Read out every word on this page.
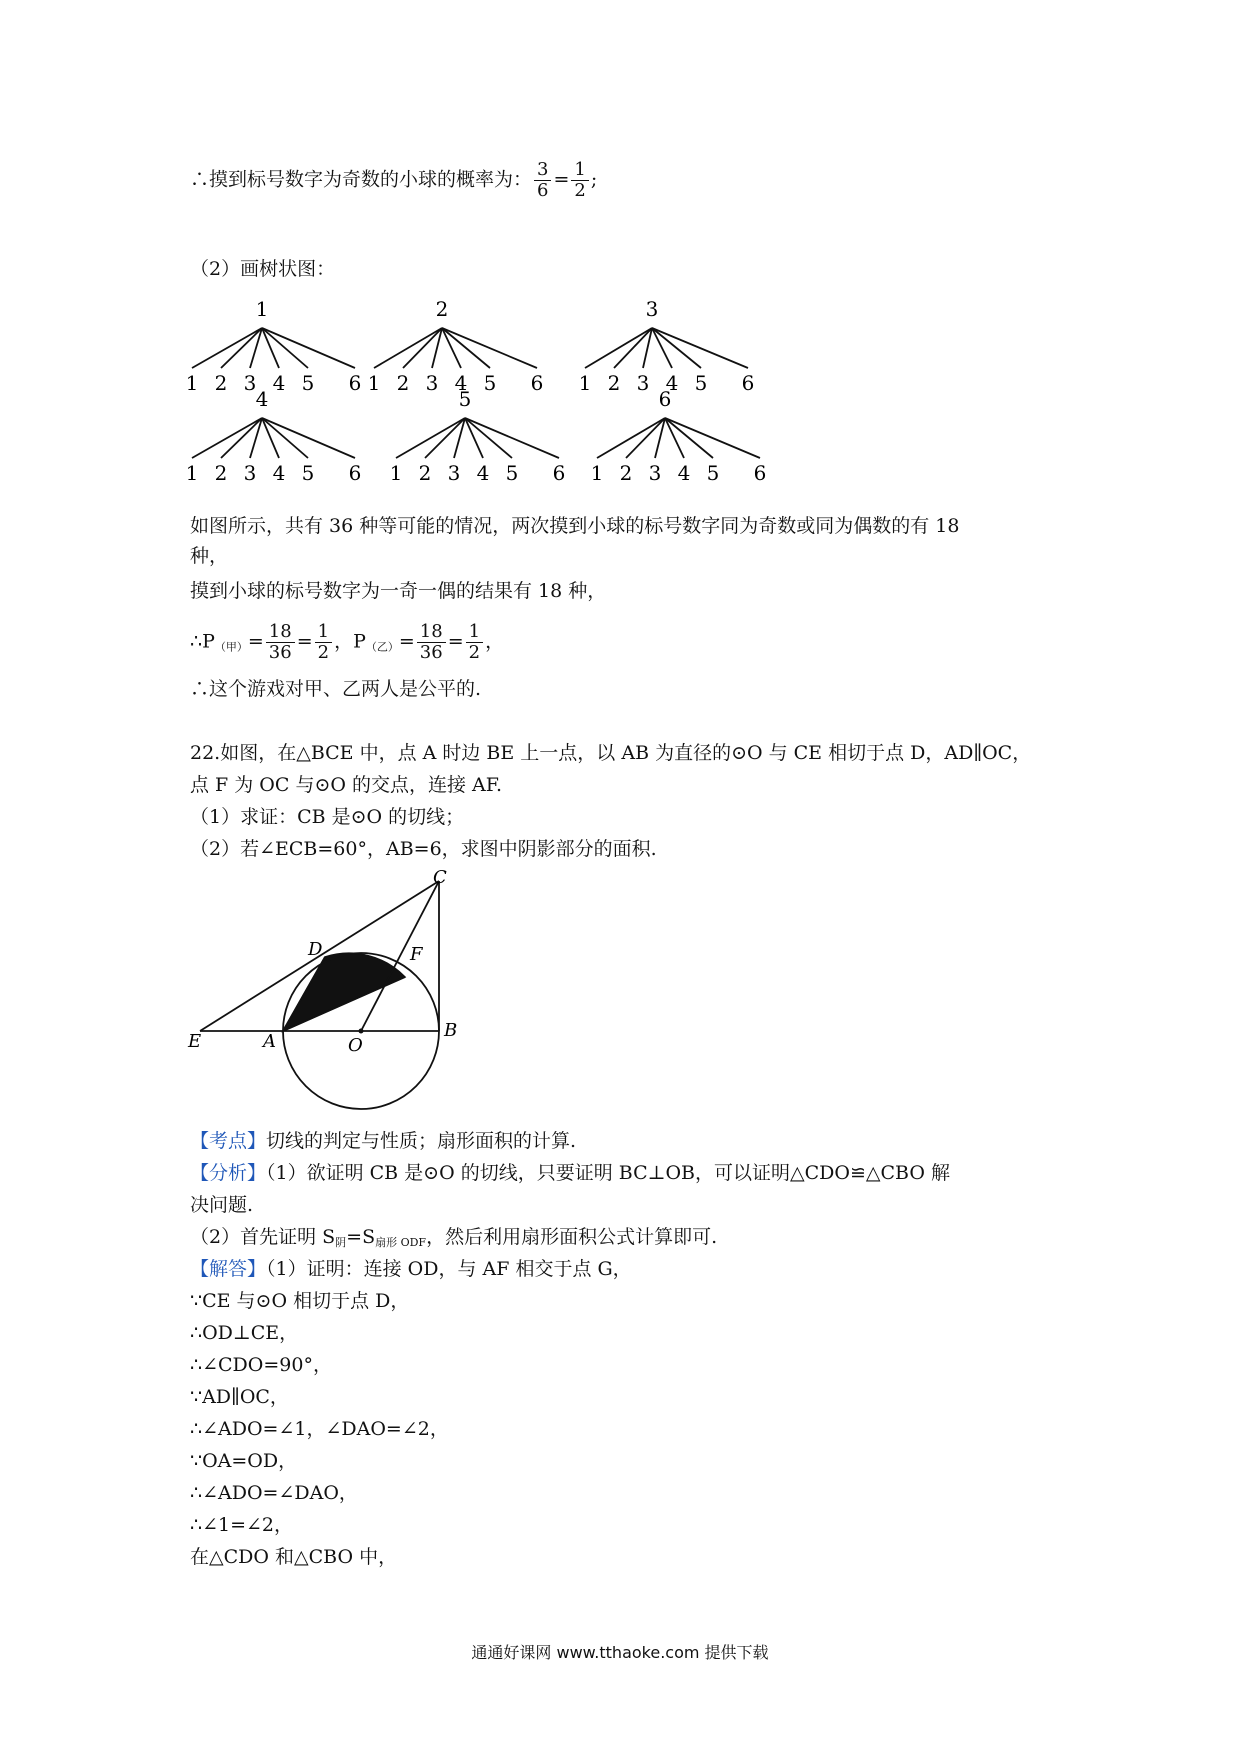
∴摸到标号数字为奇数的小球的概率为： $\frac{3}{6} = \frac{1}{2}$ ;
（2）画树状图：
1
1 2 3 4 5 6
2
1 2 3 4 5 6
3
1 2 3 4 5 6
4
1 2 3 4 5 6
5
1 2 3 4 5 6
6
1 2 3 4 5 6
如图所示，共有 36 种等可能的情况，两次摸到小球的标号数字同为奇数或同为偶数的有 18
种，
摸到小球的标号数字为一奇一偶的结果有 18 种，
$\therefore P_{(甲)}= \frac{18}{36} = \frac{1}{2}$ ，$P_{(乙)}= \frac{18}{36} = \frac{1}{2}$ ，
∴这个游戏对甲、乙两人是公平的.
22.如图，在△BCE 中，点 A 时边 BE 上一点，以 AB 为直径的⊙O 与 CE 相切于点 D，AD∥OC，
点 F 为 OC 与⊙O 的交点，连接 AF.
（1）求证：CB 是⊙O 的切线；
（2）若∠ECB=60°，AB=6，求图中阴影部分的面积.
C
D	F
E	A	O
B
【考点】切线的判定与性质；扇形面积的计算.
【分析】（1）欲证明 CB 是⊙O 的切线，只要证明 BC⊥OB，可以证明△CDO≌△CBO 解
决问题.
（2）首先证明 $S_阴=S_{扇形 ODF}$，然后利用扇形面积公式计算即可.
【解答】（1）证明：连接 OD，与 AF 相交于点 G，
∵CE 与⊙O 相切于点 D，
∴OD⊥CE，
∴∠CDO=90°，
∵AD∥OC，
∴∠ADO=∠1，∠DAO=∠2，
∵OA=OD，
∴∠ADO=∠DAO，
∴∠1=∠2，
在△CDO 和△CBO 中，
通通好课网 www.tthaoke.com 提供下载
